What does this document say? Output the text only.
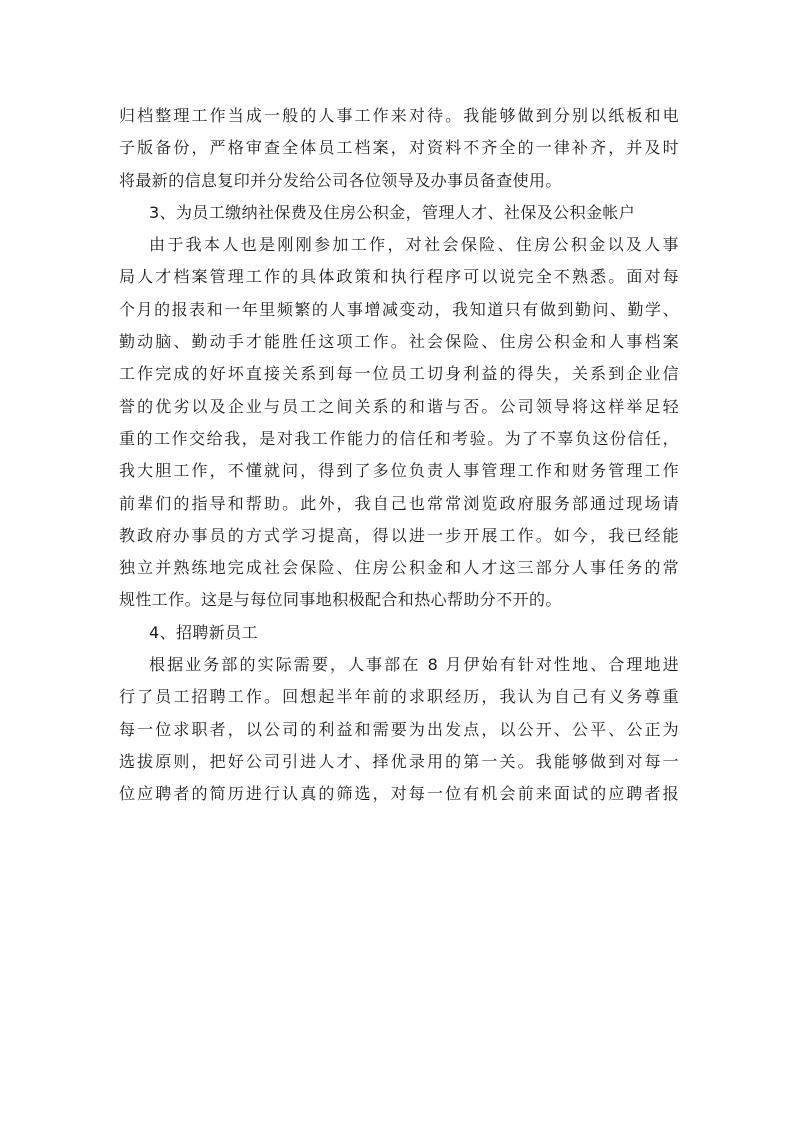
归档整理工作当成一般的人事工作来对待。我能够做到分别以纸板和电
子版备份，严格审查全体员工档案，对资料不齐全的一律补齐，并及时
将最新的信息复印并分发给公司各位领导及办事员备查使用。
3、为员工缴纳社保费及住房公积金，管理人才、社保及公积金帐户
由于我本人也是刚刚参加工作，对社会保险、住房公积金以及人事
局人才档案管理工作的具体政策和执行程序可以说完全不熟悉。面对每
个月的报表和一年里频繁的人事增减变动，我知道只有做到勤问、勤学、
勤动脑、勤动手才能胜任这项工作。社会保险、住房公积金和人事档案
工作完成的好坏直接关系到每一位员工切身利益的得失，关系到企业信
誉的优劣以及企业与员工之间关系的和谐与否。公司领导将这样举足轻
重的工作交给我，是对我工作能力的信任和考验。为了不辜负这份信任，
我大胆工作，不懂就问，得到了多位负责人事管理工作和财务管理工作
前辈们的指导和帮助。此外，我自己也常常浏览政府服务部通过现场请
教政府办事员的方式学习提高，得以进一步开展工作。如今，我已经能
独立并熟练地完成社会保险、住房公积金和人才这三部分人事任务的常
规性工作。这是与每位同事地积极配合和热心帮助分不开的。
4、招聘新员工
根据业务部的实际需要，人事部在 8 月伊始有针对性地、合理地进
行了员工招聘工作。回想起半年前的求职经历，我认为自己有义务尊重
每一位求职者，以公司的利益和需要为出发点，以公开、公平、公正为
选拔原则，把好公司引进人才、择优录用的第一关。我能够做到对每一
位应聘者的简历进行认真的筛选，对每一位有机会前来面试的应聘者报
